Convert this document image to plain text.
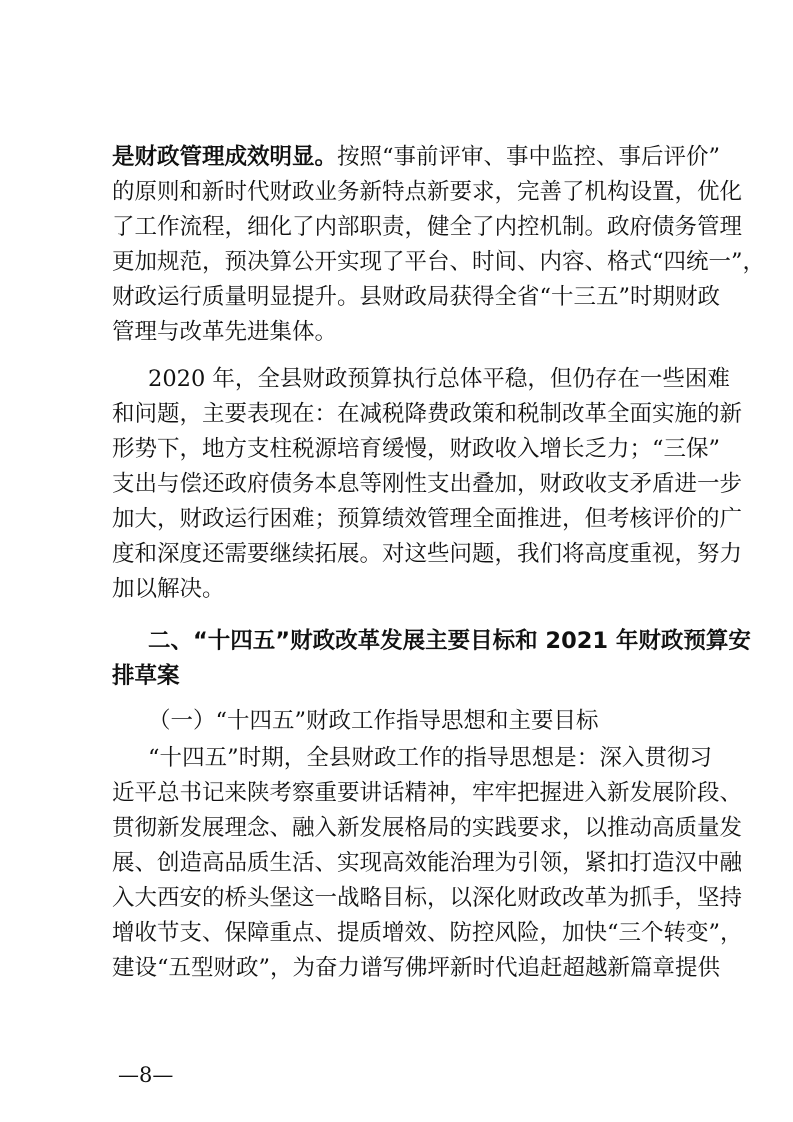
是财政管理成效明显。按照“事前评审、事中监控、事后评价”
的原则和新时代财政业务新特点新要求，完善了机构设置，优化
了工作流程，细化了内部职责，健全了内控机制。政府债务管理
更加规范，预决算公开实现了平台、时间、内容、格式“四统一”，
财政运行质量明显提升。县财政局获得全省“十三五”时期财政
管理与改革先进集体。
2020 年，全县财政预算执行总体平稳，但仍存在一些困难
和问题，主要表现在：在减税降费政策和税制改革全面实施的新
形势下，地方支柱税源培育缓慢，财政收入增长乏力；“三保”
支出与偿还政府债务本息等刚性支出叠加，财政收支矛盾进一步
加大，财政运行困难；预算绩效管理全面推进，但考核评价的广
度和深度还需要继续拓展。对这些问题，我们将高度重视，努力
加以解决。
二、“十四五”财政改革发展主要目标和 2021 年财政预算安
排草案
（一）“十四五”财政工作指导思想和主要目标
“十四五”时期，全县财政工作的指导思想是：深入贯彻习
近平总书记来陕考察重要讲话精神，牢牢把握进入新发展阶段、
贯彻新发展理念、融入新发展格局的实践要求，以推动高质量发
展、创造高品质生活、实现高效能治理为引领，紧扣打造汉中融
入大西安的桥头堡这一战略目标，以深化财政改革为抓手，坚持
增收节支、保障重点、提质增效、防控风险，加快“三个转变”，
建设“五型财政”，为奋力谱写佛坪新时代追赶超越新篇章提供
—8—
